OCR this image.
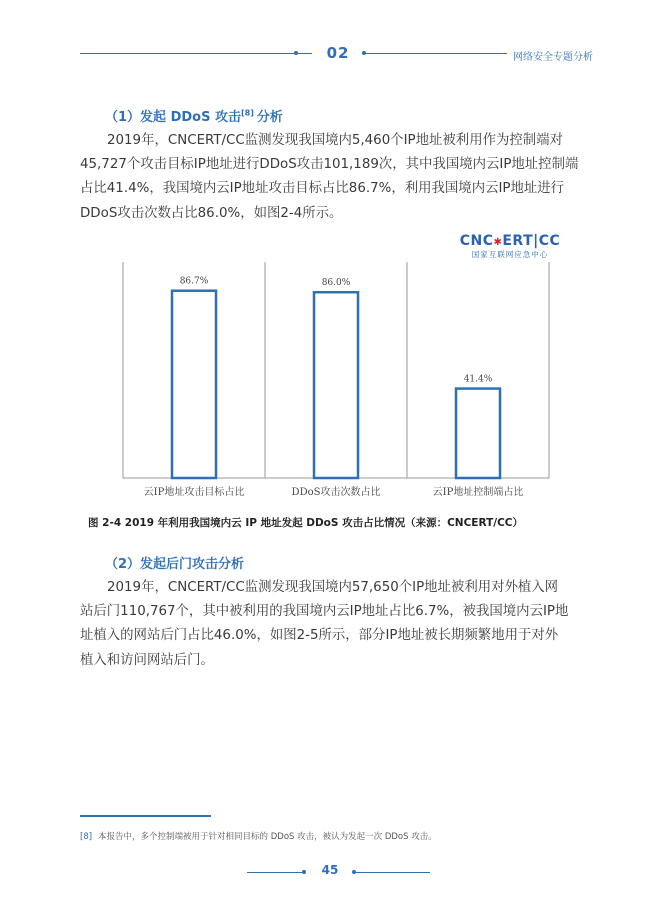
02	网络安全专题分析
（1）发起 DDoS 攻击[8] 分析
2019年，CNCERT/CC监测发现我国境内5,460个IP地址被利用作为控制端对
45,727个攻击目标IP地址进行DDoS攻击101,189次，其中我国境内云IP地址控制端
占比41.4%，我国境内云IP地址攻击目标占比86.7%，利用我国境内云IP地址进行
DDoS攻击次数占比86.0%，如图2-4所示。
CNC✱ERT|CC
国家互联网应急中心
86.7%
云IP地址攻击目标占比
86.0%
DDoS攻击次数占比
41.4%
云IP地址控制端占比
图 2-4 2019 年利用我国境内云 IP 地址发起 DDoS 攻击占比情况（来源：CNCERT/CC）
（2）发起后门攻击分析
2019年，CNCERT/CC监测发现我国境内57,650个IP地址被利用对外植入网
站后门110,767个，其中被利用的我国境内云IP地址占比6.7%，被我国境内云IP地
址植入的网站后门占比46.0%，如图2-5所示，部分IP地址被长期频繁地用于对外
植入和访问网站后门。
[8] 本报告中，多个控制端被用于针对相同目标的 DDoS 攻击，被认为发起一次 DDoS 攻击。
45
